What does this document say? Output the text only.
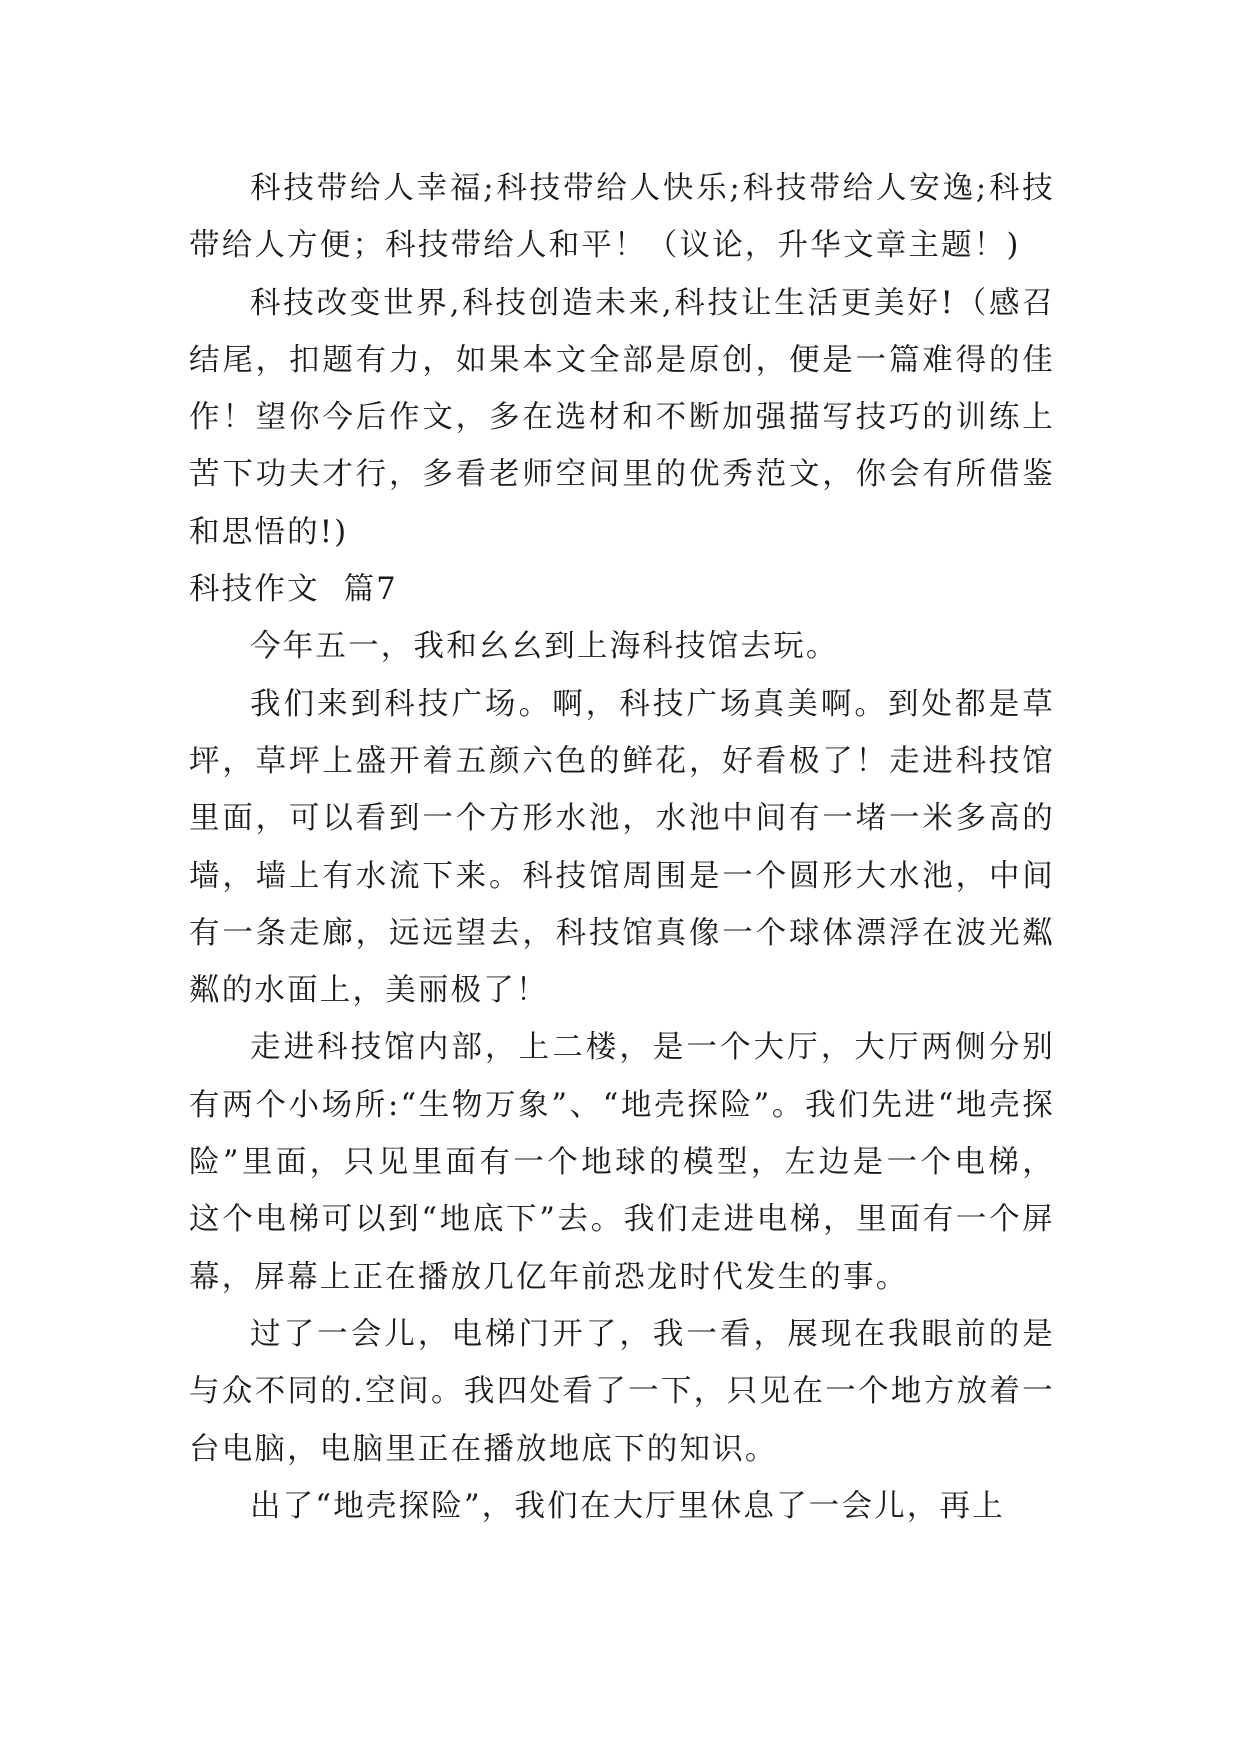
科技带给人幸福;科技带给人快乐;科技带给人安逸;科技带给人方便；科技带给人和平！（议论，升华文章主题！)

科技改变世界,科技创造未来,科技让生活更美好!（感召结尾，扣题有力，如果本文全部是原创，便是一篇难得的佳作！望你今后作文，多在选材和不断加强描写技巧的训练上苦下功夫才行，多看老师空间里的优秀范文，你会有所借鉴和思悟的!)

科技作文  篇7

今年五一，我和幺幺到上海科技馆去玩。

我们来到科技广场。啊，科技广场真美啊。到处都是草坪，草坪上盛开着五颜六色的鲜花，好看极了！走进科技馆里面，可以看到一个方形水池，水池中间有一堵一米多高的墙，墙上有水流下来。科技馆周围是一个圆形大水池，中间有一条走廊，远远望去，科技馆真像一个球体漂浮在波光粼粼的水面上，美丽极了！

走进科技馆内部，上二楼，是一个大厅，大厅两侧分别有两个小场所:“生物万象”、“地壳探险”。我们先进“地壳探险”里面，只见里面有一个地球的模型，左边是一个电梯，这个电梯可以到“地底下”去。我们走进电梯，里面有一个屏幕，屏幕上正在播放几亿年前恐龙时代发生的事。

过了一会儿，电梯门开了，我一看，展现在我眼前的是与众不同的.空间。我四处看了一下，只见在一个地方放着一台电脑，电脑里正在播放地底下的知识。

出了“地壳探险”，我们在大厅里休息了一会儿，再上
